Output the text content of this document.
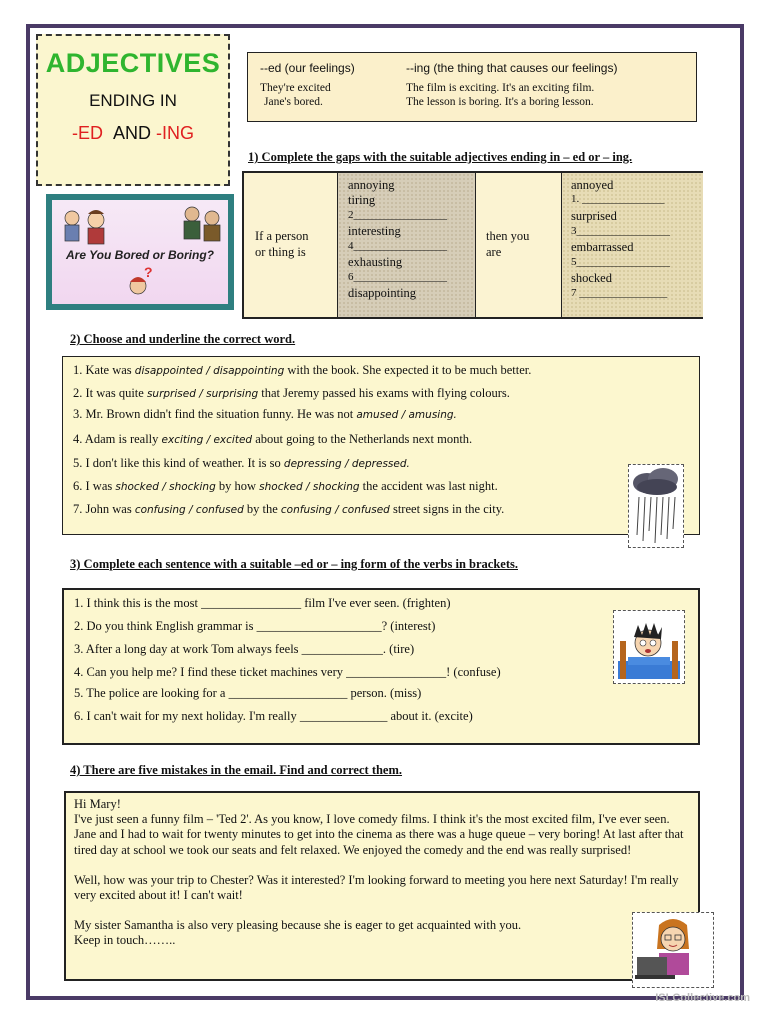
ADJECTIVES
ENDING IN
-ED AND -ING
Are You Bored or Boring?
?
--ed (our feelings)	--ing (the thing that causes our feelings)
They're excited
Jane's bored.
The film is exciting. It's an exciting film.
The lesson is boring. It's a boring lesson.
1) Complete the gaps with the suitable adjectives ending in – ed or – ing.
If a person
or thing is
then you
are
annoying
tiring
2_________________
interesting
4_________________
exhausting
6_________________
disappointing
annoyed
1. _______________
surprised
3_________________
embarrassed
5_________________
shocked
7 ________________
2) Choose and underline the correct word.
1. Kate was disappointed / disappointing with the book. She expected it to be much better.
2. It was quite surprised / surprising that Jeremy passed his exams with flying colours.
3. Mr. Brown didn't find the situation funny. He was not amused / amusing.
4. Adam is really exciting / excited about going to the Netherlands next month.
5. I don't like this kind of weather. It is so depressing / depressed.
6. I was shocked / shocking by how shocked / shocking the accident was last night.
7. John was confusing / confused by the confusing / confused street signs in the city.
3) Complete each sentence with a suitable –ed or – ing form of the verbs in brackets.
1. I think this is the most ________________ film I've ever seen. (frighten)
2. Do you think English grammar is ____________________? (interest)
3. After a long day at work Tom always feels _____________. (tire)
4. Can you help me? I find these ticket machines very ________________! (confuse)
5. The police are looking for a ___________________ person. (miss)
6. I can't wait for my next holiday. I'm really ______________ about it. (excite)
4) There are five mistakes in the email. Find and correct them.

Hi Mary!

I've just seen a funny film – 'Ted 2'. As you know, I love comedy films. I think it's the most excited film, I've ever seen. Jane and I had to wait for twenty minutes to get into the cinema as there was a huge queue – very boring! At last after that tired day at school we took our seats and felt relaxed. We enjoyed the comedy and the end was really surprised!

Well, how was your trip to Chester? Was it interested? I'm looking forward to meeting you here next Saturday! I'm really very excited about it! I can't wait!

My sister Samantha is also very pleasing because she is eager to get acquainted with you.

Keep in touch……..

ISLCollective.com
